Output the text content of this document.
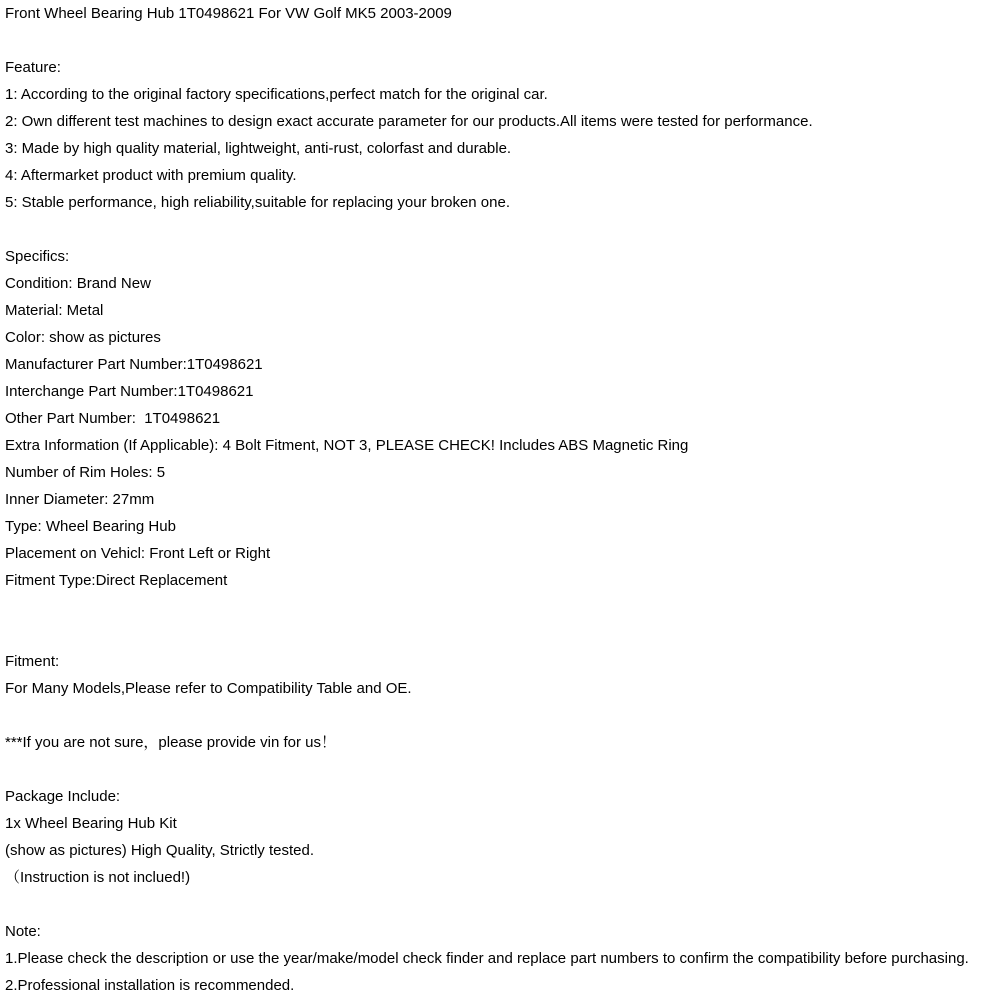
Front Wheel Bearing Hub 1T0498621 For VW Golf MK5 2003-2009
Feature:
1: According to the original factory specifications,perfect match for the original car.
2: Own different test machines to design exact accurate parameter for our products.All items were tested for performance.
3: Made by high quality material, lightweight, anti-rust, colorfast and durable.
4: Aftermarket product with premium quality.
5: Stable performance, high reliability,suitable for replacing your broken one.
Specifics:
Condition: Brand New
Material: Metal
Color: show as pictures
Manufacturer Part Number:1T0498621
Interchange Part Number:1T0498621
Other Part Number:  1T0498621
Extra Information (If Applicable): 4 Bolt Fitment, NOT 3, PLEASE CHECK! Includes ABS Magnetic Ring
Number of Rim Holes: 5
Inner Diameter: 27mm
Type: Wheel Bearing Hub
Placement on Vehicl: Front Left or Right
Fitment Type:Direct Replacement
Fitment:
For Many Models,Please refer to Compatibility Table and OE.
***If you are not sure，please provide vin for us！
Package Include:
1x Wheel Bearing Hub Kit
(show as pictures) High Quality, Strictly tested.
（Instruction is not inclued!)
Note:
1.Please check the description or use the year/make/model check finder and replace part numbers to confirm the compatibility before purchasing.
2.Professional installation is recommended.
